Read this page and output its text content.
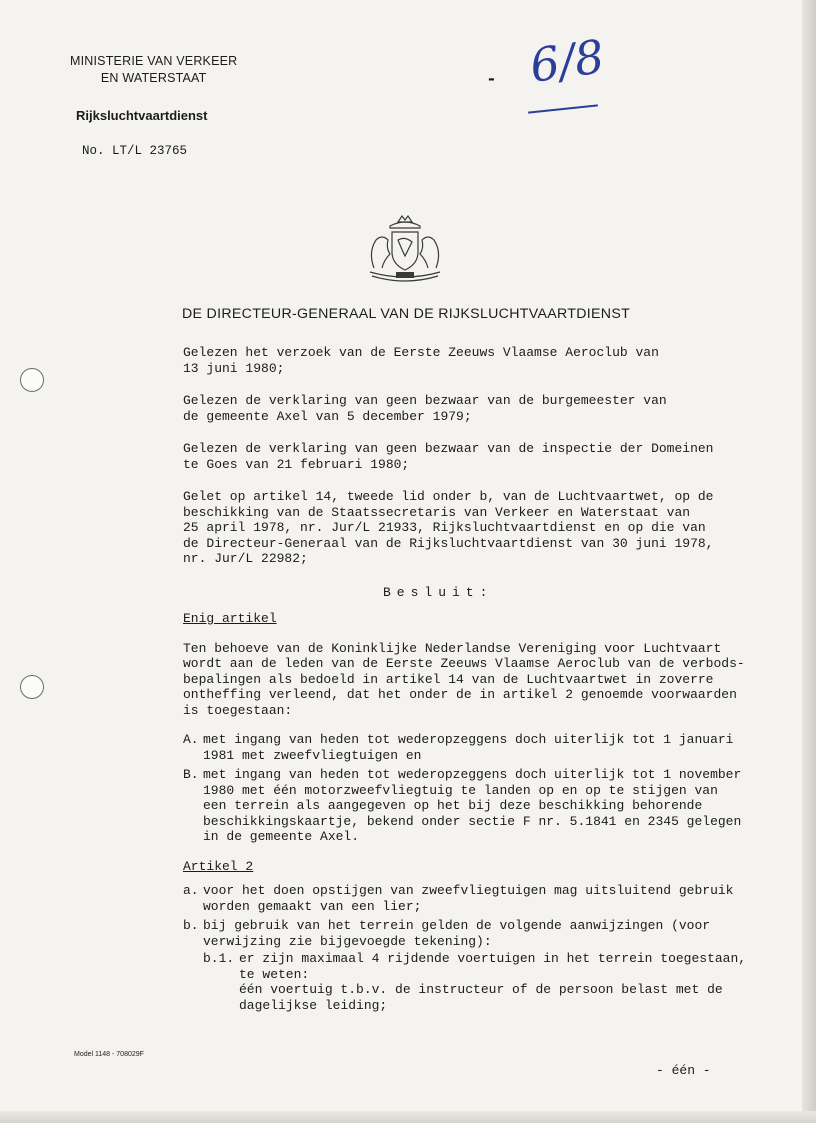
MINISTERIE VAN VERKEER
EN WATERSTAAT
Rijksluchtvaartdienst
No. LT/L 23765
- 6/8
DE DIRECTEUR-GENERAAL VAN DE RIJKSLUCHTVAARTDIENST

Gelezen het verzoek van de Eerste Zeeuws Vlaamse Aeroclub van
13 juni 1980;

Gelezen de verklaring van geen bezwaar van de burgemeester van
de gemeente Axel van 5 december 1979;

Gelezen de verklaring van geen bezwaar van de inspectie der Domeinen
te Goes van 21 februari 1980;

Gelet op artikel 14, tweede lid onder b, van de Luchtvaartwet, op de
beschikking van de Staatssecretaris van Verkeer en Waterstaat van
25 april 1978, nr. Jur/L 21933, Rijksluchtvaartdienst en op die van
de Directeur-Generaal van de Rijksluchtvaartdienst van 30 juni 1978,
nr. Jur/L 22982;

Besluit:

Enig artikel

Ten behoeve van de Koninklijke Nederlandse Vereniging voor Luchtvaart
wordt aan de leden van de Eerste Zeeuws Vlaamse Aeroclub van de verbods-
bepalingen als bedoeld in artikel 14 van de Luchtvaartwet in zoverre
ontheffing verleend, dat het onder de in artikel 2 genoemde voorwaarden
is toegestaan:

A. met ingang van heden tot wederopzeggens doch uiterlijk tot 1 januari
1981 met zweefvliegtuigen en
B. met ingang van heden tot wederopzeggens doch uiterlijk tot 1 november
1980 met één motorzweefvliegtuig te landen op en op te stijgen van
een terrein als aangegeven op het bij deze beschikking behorende
beschikkingskaartje, bekend onder sectie F nr. 5.1841 en 2345 gelegen
in de gemeente Axel.

Artikel 2

a. voor het doen opstijgen van zweefvliegtuigen mag uitsluitend gebruik
worden gemaakt van een lier;
b. bij gebruik van het terrein gelden de volgende aanwijzingen (voor
verwijzing zie bijgevoegde tekening):
b.1. er zijn maximaal 4 rijdende voertuigen in het terrein toegestaan,
te weten:
één voertuig t.b.v. de instructeur of de persoon belast met de
dagelijkse leiding;
Model 1148 - 708029F
- één -
